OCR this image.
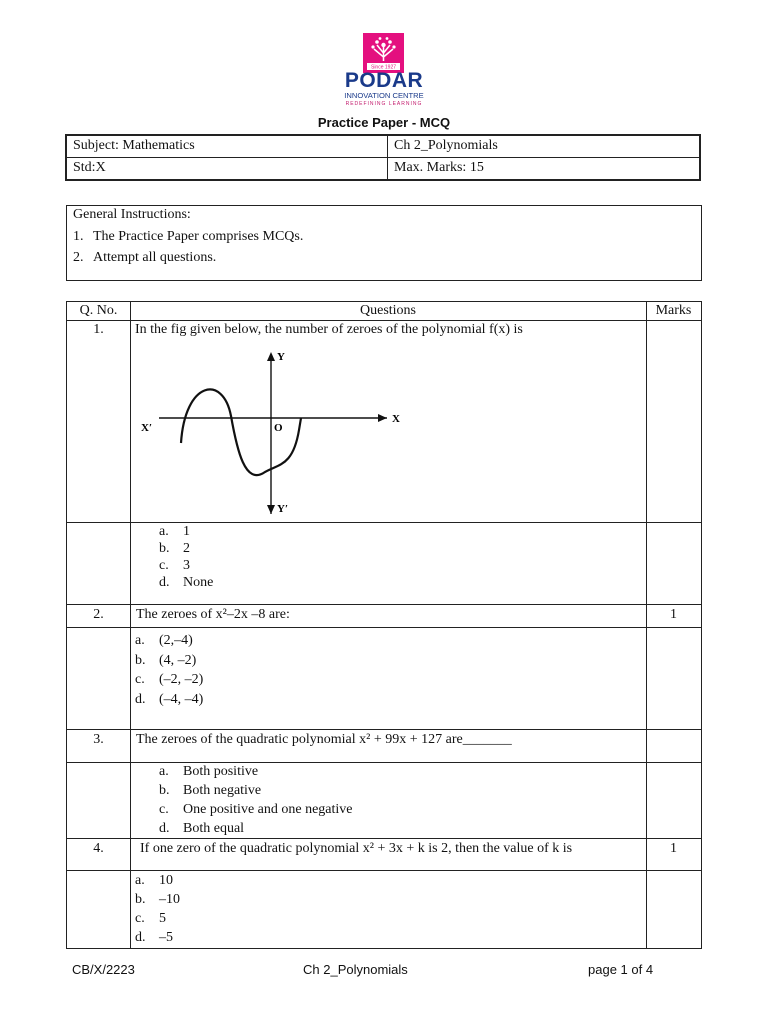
Since 1927
PODAR
INNOVATION CENTRE
REDEFINING LEARNING
Practice Paper - MCQ
Subject: Mathematics	Ch 2_Polynomials
Std:X	Max. Marks: 15
General Instructions:
1. The Practice Paper comprises MCQs.
2. Attempt all questions.
Q. No.	Questions	Marks
1.	In the fig given below, the number of zeroes of the polynomial f(x) is
Y
Y′
X
X′	O
a. 1
b. 2
c. 3
d. None
2.	The zeroes of x²–2x –8 are:	1
a. (2,–4)
b. (4, –2)
c. (–2, –2)
d. (–4, –4)
3.	The zeroes of the quadratic polynomial x² + 99x + 127 are_______
a. Both positive
b. Both negative
c. One positive and one negative
d. Both equal
4.	If one zero of the quadratic polynomial x² + 3x + k is 2, then the value of k is	1
a. 10
b. –10
c. 5
d. –5
CB/X/2223	Ch 2_Polynomials	page 1 of 4
